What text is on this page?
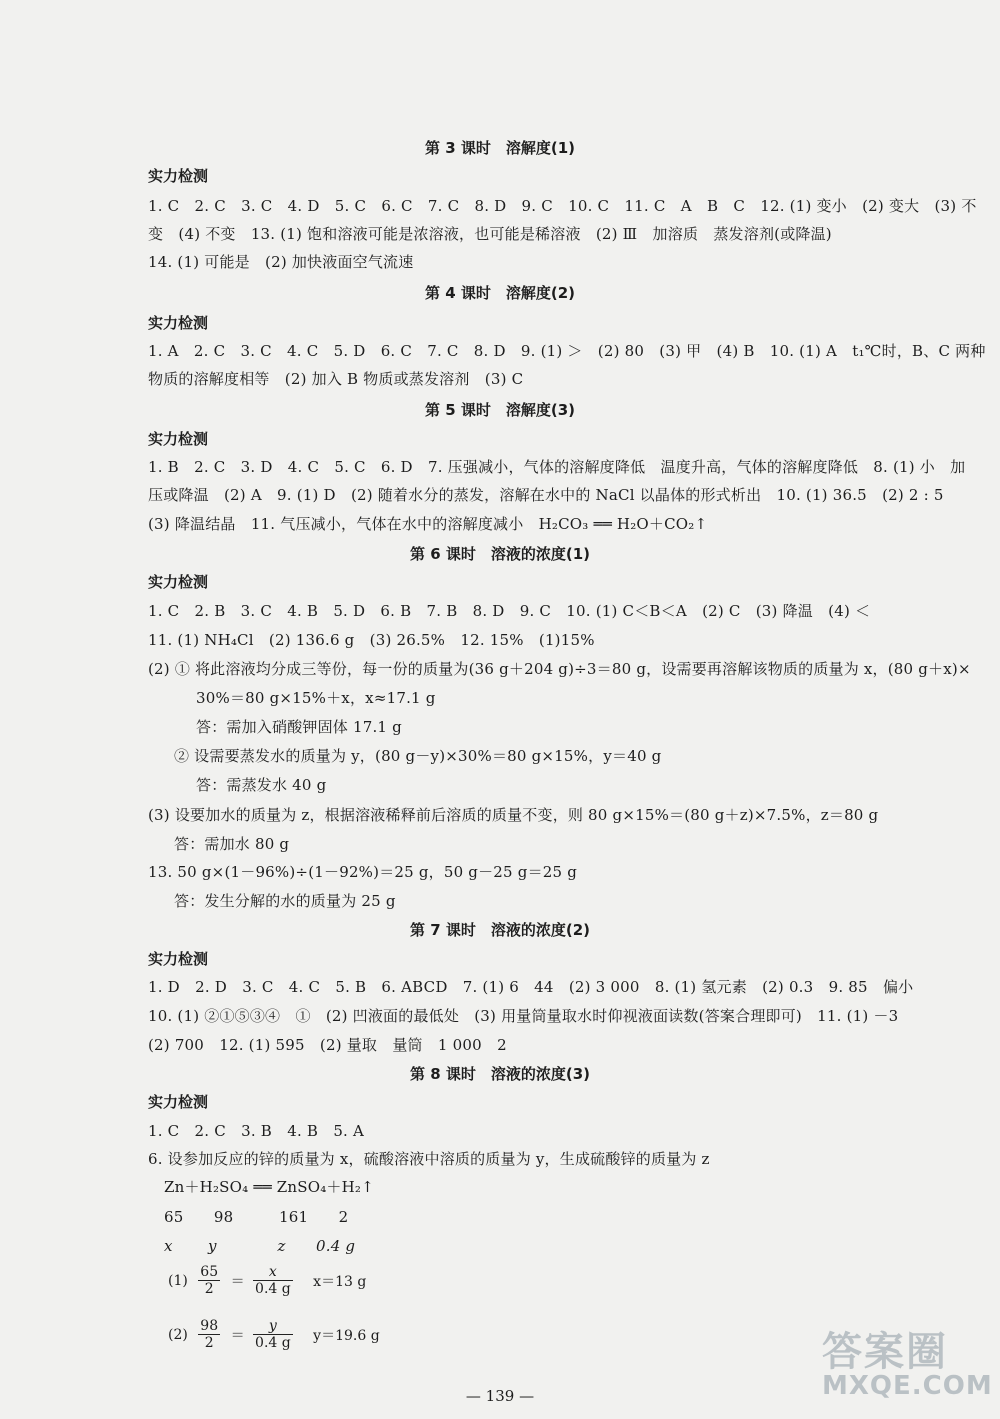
第 3 课时　溶解度(1)
实力检测
1. C　2. C　3. C　4. D　5. C　6. C　7. C　8. D　9. C　10. C　11. C　A　B　C　12. (1) 变小　(2) 变大　(3) 不
变　(4) 不变　13. (1) 饱和溶液可能是浓溶液，也可能是稀溶液　(2) Ⅲ　加溶质　蒸发溶剂(或降温)
14. (1) 可能是　(2) 加快液面空气流速
第 4 课时　溶解度(2)
实力检测
1. A　2. C　3. C　4. C　5. D　6. C　7. C　8. D　9. (1) ＞　(2) 80　(3) 甲　(4) B　10. (1) A　t₁℃时，B、C 两种
物质的溶解度相等　(2) 加入 B 物质或蒸发溶剂　(3) C
第 5 课时　溶解度(3)
实力检测
1. B　2. C　3. D　4. C　5. C　6. D　7. 压强减小，气体的溶解度降低　温度升高，气体的溶解度降低　8. (1) 小　加
压或降温　(2) A　9. (1) D　(2) 随着水分的蒸发，溶解在水中的 NaCl 以晶体的形式析出　10. (1) 36.5　(2) 2 : 5
(3) 降温结晶　11. 气压减小，气体在水中的溶解度减小　H₂CO₃ ══ H₂O＋CO₂↑
第 6 课时　溶液的浓度(1)
实力检测
1. C　2. B　3. C　4. B　5. D　6. B　7. B　8. D　9. C　10. (1) C＜B＜A　(2) C　(3) 降温　(4) ＜
11. (1) NH₄Cl　(2) 136.6 g　(3) 26.5%　12. 15%　(1)15%
(2) ① 将此溶液均分成三等份，每一份的质量为(36 g＋204 g)÷3＝80 g，设需要再溶解该物质的质量为 x，(80 g＋x)×
30%＝80 g×15%＋x，x≈17.1 g
答：需加入硝酸钾固体 17.1 g
② 设需要蒸发水的质量为 y，(80 g－y)×30%＝80 g×15%，y＝40 g
答：需蒸发水 40 g
(3) 设要加水的质量为 z，根据溶液稀释前后溶质的质量不变，则 80 g×15%＝(80 g＋z)×7.5%，z＝80 g
答：需加水 80 g
13. 50 g×(1－96%)÷(1－92%)＝25 g，50 g－25 g＝25 g
答：发生分解的水的质量为 25 g
第 7 课时　溶液的浓度(2)
实力检测
1. D　2. D　3. C　4. C　5. B　6. ABCD　7. (1) 6　44　(2) 3 000　8. (1) 氢元素　(2) 0.3　9. 85　偏小
10. (1) ②①⑤③④　①　(2) 凹液面的最低处　(3) 用量筒量取水时仰视液面读数(答案合理即可)　11. (1) －3
(2) 700　12. (1) 595　(2) 量取　量筒　1 000　2
第 8 课时　溶液的浓度(3)
实力检测
1. C　2. C　3. B　4. B　5. A
6. 设参加反应的锌的质量为 x，硫酸溶液中溶质的质量为 y，生成硫酸锌的质量为 z
Zn＋H₂SO₄ ══ ZnSO₄＋H₂↑
65　　98　　　161　　2
x　　 y　　　　z　　0.4 g
$(1) \frac{65}{2} = \frac{x}{0.4 g} x=13$ g
$(2) \frac{98}{2} = \frac{y}{0.4 g} y=19.6$ g
— 139 —
答案圈
MXQE.COM
